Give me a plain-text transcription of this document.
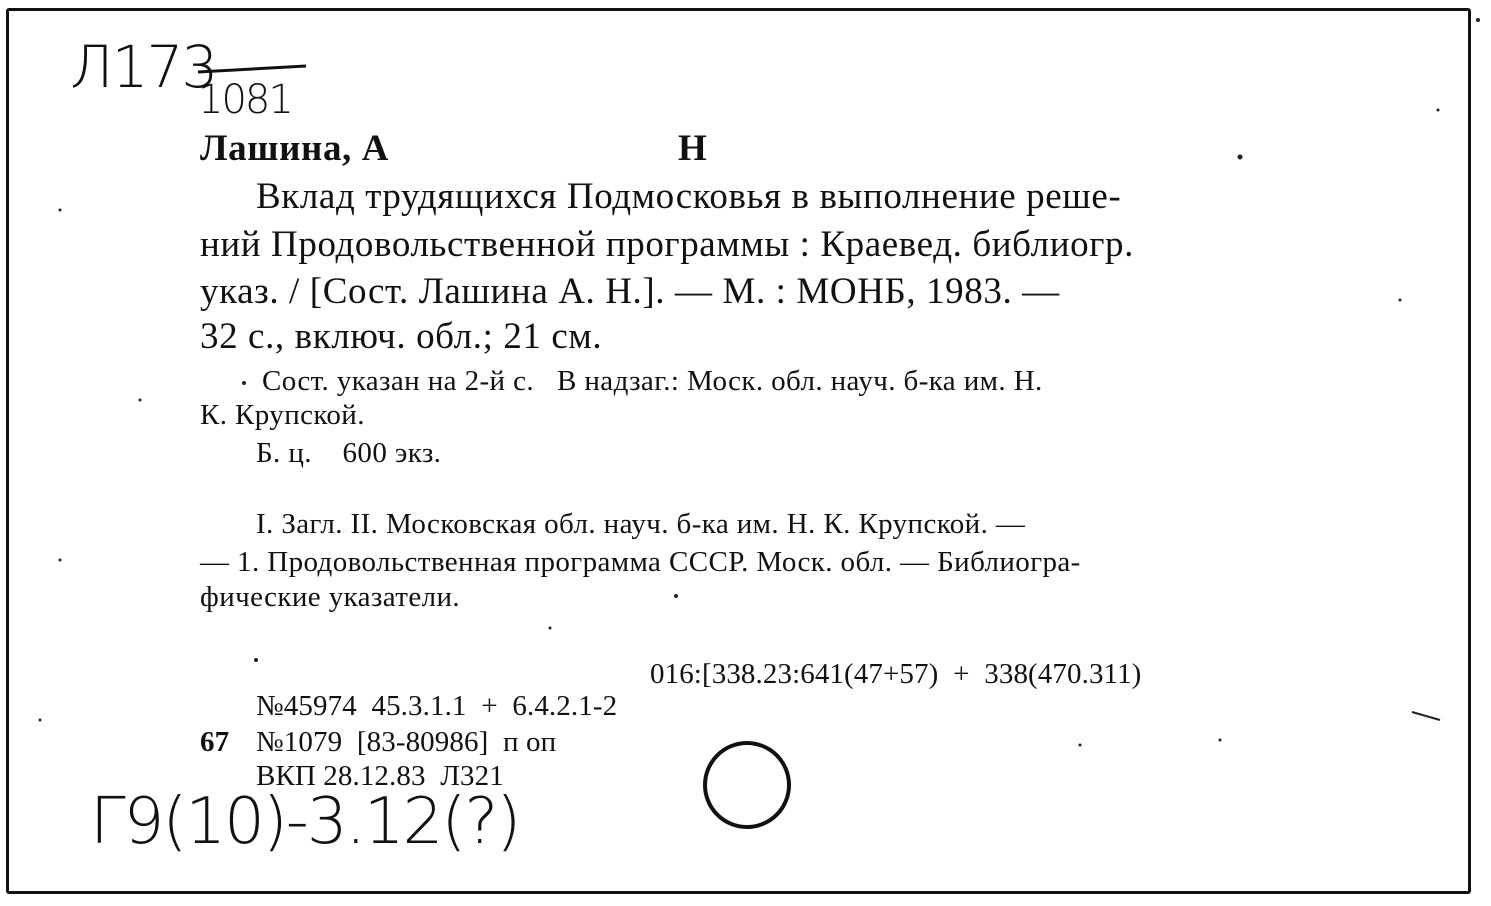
Л173
1081
Лашина, А	Н
Вклад трудящихся Подмосковья в выполнение реше-
ний Продовольственной программы : Краевед. библиогр.
указ. / [Сост. Лашина А. Н.]. — М. : МОНБ, 1983. —
32 с., включ. обл.; 21 см.
Сост. указан на 2-й с.   В надзаг.: Моск. обл. науч. б-ка им. Н.
К. Крупской.
Б. ц.    600 экз.
I. Загл. II. Московская обл. науч. б-ка им. Н. К. Крупской. —
— 1. Продовольственная программа СССР. Моск. обл. — Библиогра-
фические указатели.
016:[338.23:641(47+57)  +  338(470.311)
№45974  45.3.1.1  +  6.4.2.1-2
67 №1079  [83-80986]  п оп
ВКП 28.12.83  Л321
Г9(10)-3.12(?)
